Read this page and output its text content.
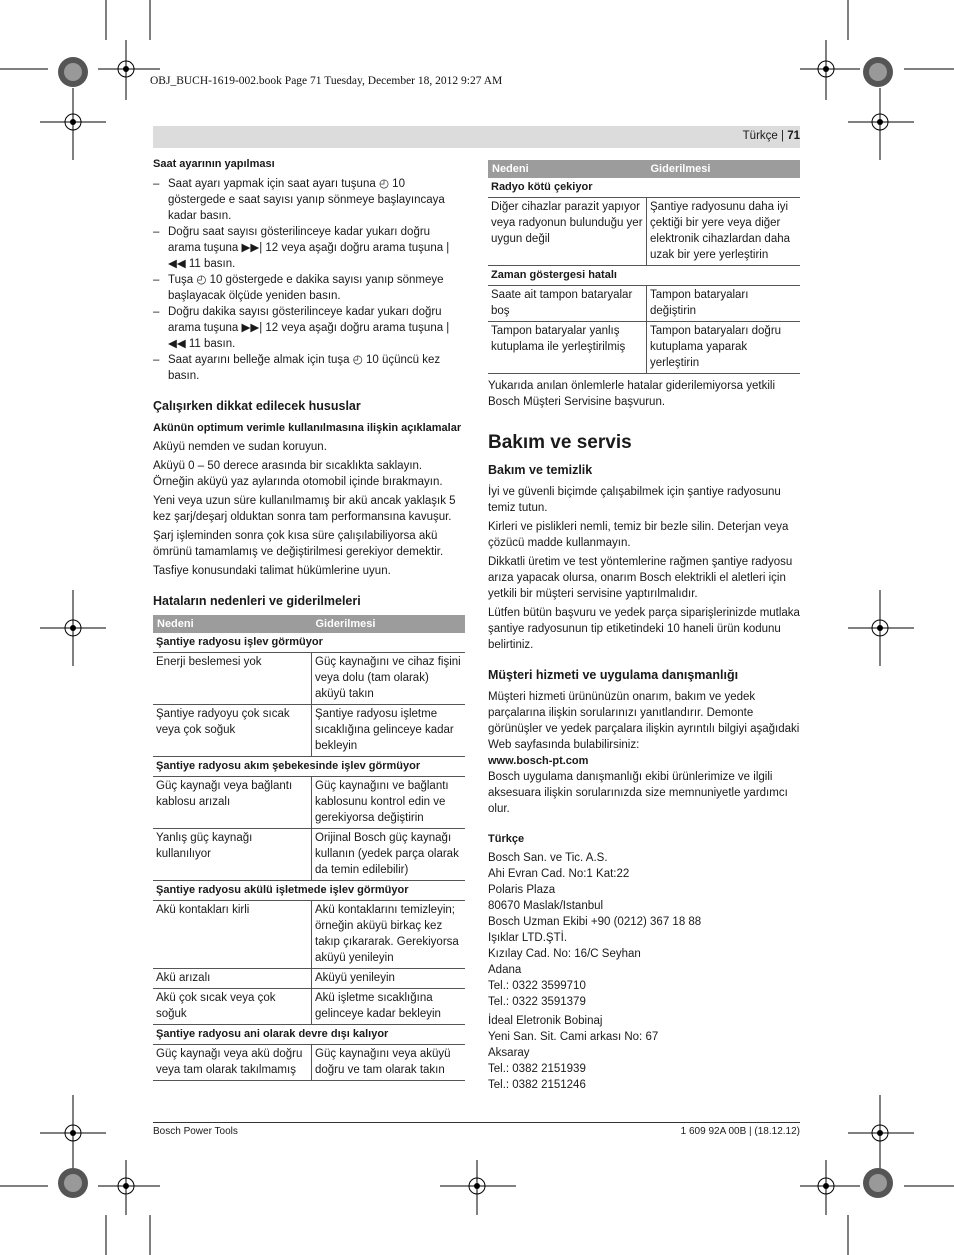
OBJ_BUCH-1619-002.book Page 71 Tuesday, December 18, 2012 9:27 AM
Türkçe | 71
Saat ayarının yapılması
– Saat ayarı yapmak için saat ayarı tuşuna ◴ 10 göstergede e saat sayısı yanıp sönmeye başlayıncaya kadar basın.
– Doğru saat sayısı gösterilinceye kadar yukarı doğru arama tuşuna ▶▶| 12 veya aşağı doğru arama tuşuna |◀◀ 11 basın.
– Tuşa ◴ 10 göstergede e dakika sayısı yanıp sönmeye başlayacak ölçüde yeniden basın.
– Doğru dakika sayısı gösterilinceye kadar yukarı doğru arama tuşuna ▶▶| 12 veya aşağı doğru arama tuşuna |◀◀ 11 basın.
– Saat ayarını belleğe almak için tuşa ◴ 10 üçüncü kez basın.
Çalışırken dikkat edilecek hususlar
Akünün optimum verimle kullanılmasına ilişkin açıklamalar

Aküyü nemden ve sudan koruyun.

Aküyü 0 – 50 derece arasında bir sıcaklıkta saklayın. Örneğin aküyü yaz aylarında otomobil içinde bırakmayın.

Yeni veya uzun süre kullanılmamış bir akü ancak yaklaşık 5 kez şarj/deşarj olduktan sonra tam performansına kavuşur.

Şarj işleminden sonra çok kısa süre çalışılabiliyorsa akü ömrünü tamamlamış ve değiştirilmesi gerekiyor demektir.

Tasfiye konusundaki talimat hükümlerine uyun.

Hataların nedenleri ve giderilmeleri
Nedeni	Giderilmesi
Şantiye radyosu işlev görmüyor	
Enerji beslemesi yok	Güç kaynağını ve cihaz fişini veya dolu (tam olarak) aküyü takın
Şantiye radyoyu çok sıcak veya çok soğuk	Şantiye radyosu işletme sıcaklığına gelinceye kadar bekleyin
Şantiye radyosu akım şebekesinde işlev görmüyor	
Güç kaynağı veya bağlantı kablosu arızalı	Güç kaynağını ve bağlantı kablosunu kontrol edin ve gerekiyorsa değiştirin
Yanlış güç kaynağı kullanılıyor	Orijinal Bosch güç kaynağı kullanın (yedek parça olarak da temin edilebilir)
Şantiye radyosu akülü işletmede işlev görmüyor	
Akü kontakları kirli	Akü kontaklarını temizleyin; örneğin aküyü birkaç kez takıp çıkararak. Gerekiyorsa aküyü yenileyin
Akü arızalı	Aküyü yenileyin
Akü çok sıcak veya çok soğuk	Akü işletme sıcaklığına gelinceye kadar bekleyin
Şantiye radyosu ani olarak devre dışı kalıyor	
Güç kaynağı veya akü doğru veya tam olarak takılmamış	Güç kaynağını veya aküyü doğru ve tam olarak takın
Nedeni	Giderilmesi
Radyo kötü çekiyor	
Diğer cihazlar parazit yapıyor veya radyonun bulunduğu yer uygun değil	Şantiye radyosunu daha iyi çektiği bir yere veya diğer elektronik cihazlardan daha uzak bir yere yerleştirin
Zaman göstergesi hatalı	
Saate ait tampon bataryalar boş	Tampon bataryaları değiştirin
Tampon bataryalar yanlış kutuplama ile yerleştirilmiş	Tampon bataryaları doğru kutuplama yaparak yerleştirin

Yukarıda anılan önlemlerle hatalar giderilemiyorsa yetkili Bosch Müşteri Servisine başvurun.

Bakım ve servis
Bakım ve temizlik

İyi ve güvenli biçimde çalışabilmek için şantiye radyosunu temiz tutun.

Kirleri ve pislikleri nemli, temiz bir bezle silin. Deterjan veya çözücü madde kullanmayın.

Dikkatli üretim ve test yöntemlerine rağmen şantiye radyosu arıza yapacak olursa, onarım Bosch elektrikli el aletleri için yetkili bir müşteri servisine yaptırılmalıdır.

Lütfen bütün başvuru ve yedek parça siparişlerinizde mutlaka şantiye radyosunun tip etiketindeki 10 haneli ürün kodunu belirtiniz.

Müşteri hizmeti ve uygulama danışmanlığı

Müşteri hizmeti ürününüzün onarım, bakım ve yedek parçalarına ilişkin sorularınızı yanıtlandırır. Demonte görünüşler ve yedek parçalara ilişkin ayrıntılı bilgiyi aşağıdaki Web sayfasında bulabilirsiniz:

www.bosch-pt.com

Bosch uygulama danışmanlığı ekibi ürünlerimize ve ilgili aksesuara ilişkin sorularınızda size memnuniyetle yardımcı olur.

Türkçe
Bosch San. ve Tic. A.S.
Ahi Evran Cad. No:1 Kat:22
Polaris Plaza
80670 Maslak/Istanbul
Bosch Uzman Ekibi +90 (0212) 367 18 88
Işıklar LTD.ŞTİ.
Kızılay Cad. No: 16/C Seyhan
Adana
Tel.: 0322 3599710
Tel.: 0322 3591379
İdeal Eletronik Bobinaj
Yeni San. Sit. Cami arkası No: 67
Aksaray
Tel.: 0382 2151939
Tel.: 0382 2151246
Bosch Power Tools	1 609 92A 00B | (18.12.12)
